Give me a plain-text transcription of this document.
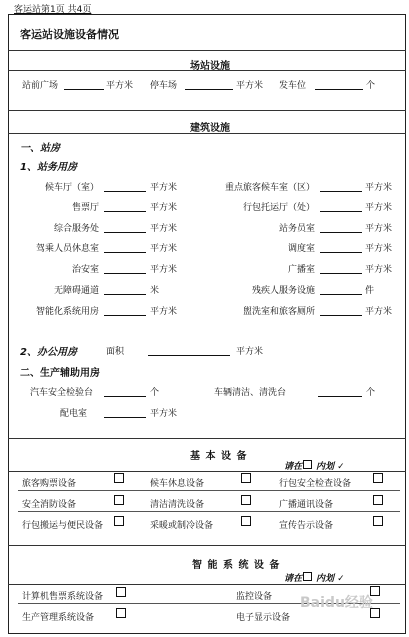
客运站第1页 共4页
客运站设施设备情况
场站设施
站前广场	平方米 停车场	平方米 发车位	个
建筑设施
一、站房
1、站务用房
候车厅（室）	平方米	重点旅客候车室（区）	平方米
售票厅	平方米	行包托运厅（处）	平方米
综合服务处	平方米	站务员室	平方米
驾乘人员休息室	平方米	调度室	平方米
治安室	平方米	广播室	平方米
无障碍通道	米	残疾人服务设施	件
智能化系统用房	平方米	盥洗室和旅客厕所	平方米
2、办公用房	面积	平方米
二、生产辅助用房
汽车安全检验台	个	车辆清洁、清洗台	个
配电室	平方米
基 本 设 备
请在 内划 ✓
旅客购票设备	候车休息设备	行包安全检查设备
安全消防设备	清洁清洗设备	广播通讯设备
行包搬运与便民设备	采暖或制冷设备	宣传告示设备
智 能 系 统 设 备
请在 内划 ✓
计算机售票系统设备	监控设备
生产管理系统设备	电子显示设备
Baidu经验
